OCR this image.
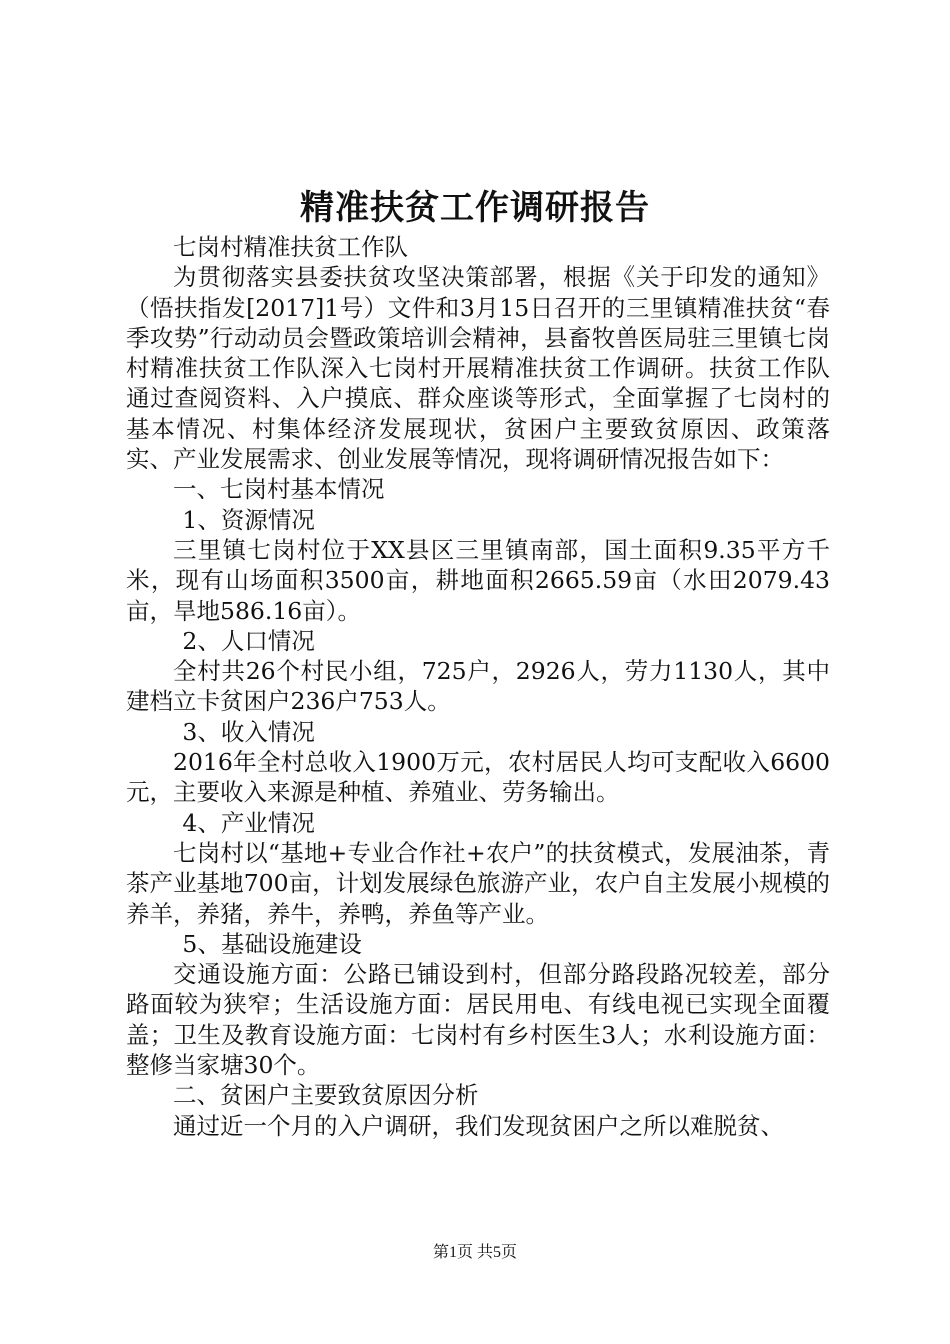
精准扶贫工作调研报告

七岗村精准扶贫工作队

为贯彻落实县委扶贫攻坚决策部署，根据《关于印发的通知》（悟扶指发[2017]1号）文件和3月15日召开的三里镇精准扶贫“春季攻势”行动动员会暨政策培训会精神，县畜牧兽医局驻三里镇七岗村精准扶贫工作队深入七岗村开展精准扶贫工作调研。扶贫工作队通过查阅资料、入户摸底、群众座谈等形式，全面掌握了七岗村的基本情况、村集体经济发展现状，贫困户主要致贫原因、政策落实、产业发展需求、创业发展等情况，现将调研情况报告如下：

一、七岗村基本情况

1、资源情况

三里镇七岗村位于XX县区三里镇南部，国土面积9.35平方千米，现有山场面积3500亩，耕地面积2665.59亩（水田2079.43亩，旱地586.16亩）。

2、人口情况

全村共26个村民小组，725户，2926人，劳力1130人，其中建档立卡贫困户236户753人。

3、收入情况

2016年全村总收入1900万元，农村居民人均可支配收入6600元，主要收入来源是种植、养殖业、劳务输出。

4、产业情况

七岗村以“基地+专业合作社+农户”的扶贫模式，发展油茶，青茶产业基地700亩，计划发展绿色旅游产业，农户自主发展小规模的养羊，养猪，养牛，养鸭，养鱼等产业。

5、基础设施建设

交通设施方面：公路已铺设到村，但部分路段路况较差，部分路面较为狭窄；生活设施方面：居民用电、有线电视已实现全面覆盖；卫生及教育设施方面：七岗村有乡村医生3人；水利设施方面：整修当家塘30个。

二、贫困户主要致贫原因分析

通过近一个月的入户调研，我们发现贫困户之所以难脱贫、

第1页 共5页
